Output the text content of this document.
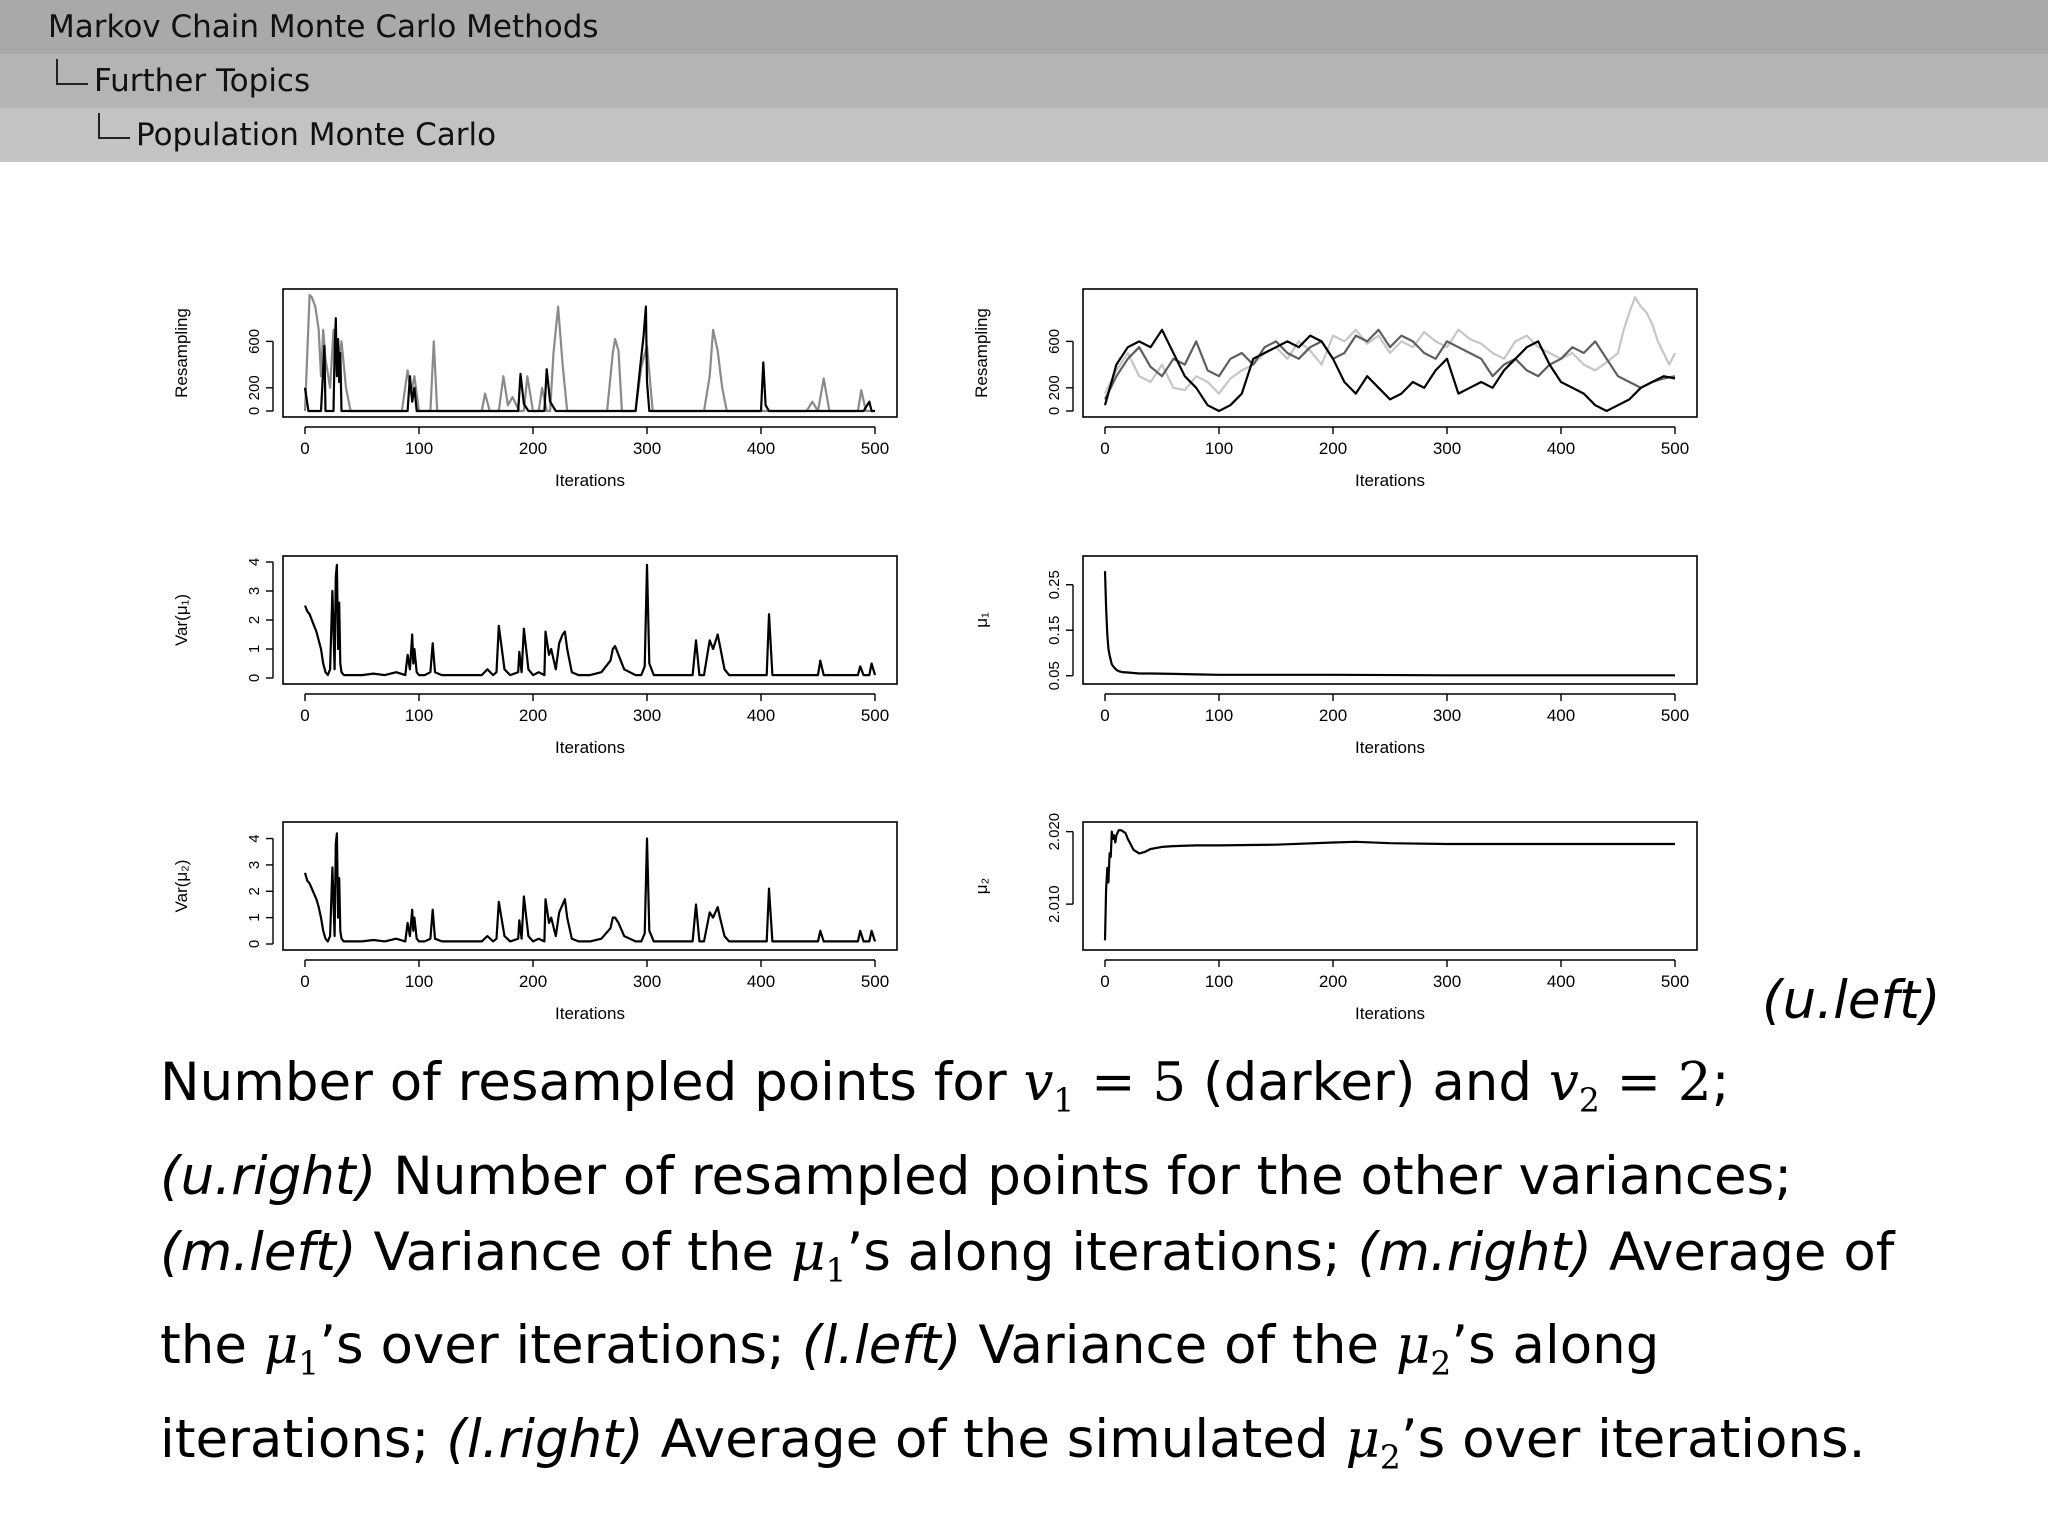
Markov Chain Monte Carlo Methods
Further Topics
Population Monte Carlo
0	100	200	300	400	500
Iterations
0
200
600
Resampling
0	100	200	300	400	500
Iterations
0
200
600
Resampling
0	100	200	300	400	500
Iterations
0
1
2
3
4
Var(μ₁)
0	100	200	300	400	500
Iterations
0.05
0.15
0.25
μ₁
0	100	200	300	400	500
Iterations
0
1
2
3
4
Var(μ₂)
0	100	200	300	400	500
Iterations
2.010
2.020
μ₂
(u.left)
Number of resampled points for $v_1 = 5$ (darker) and $v_2 = 2$;
(u.right) Number of resampled points for the other variances;
(m.left) Variance of the $\mu_1’s$ along iterations; (m.right) Average of
the $\mu_1’s$ over iterations; (l.left) Variance of the $\mu_2’s$ along
iterations; (l.right) Average of the simulated $\mu_2’s$ over iterations.
